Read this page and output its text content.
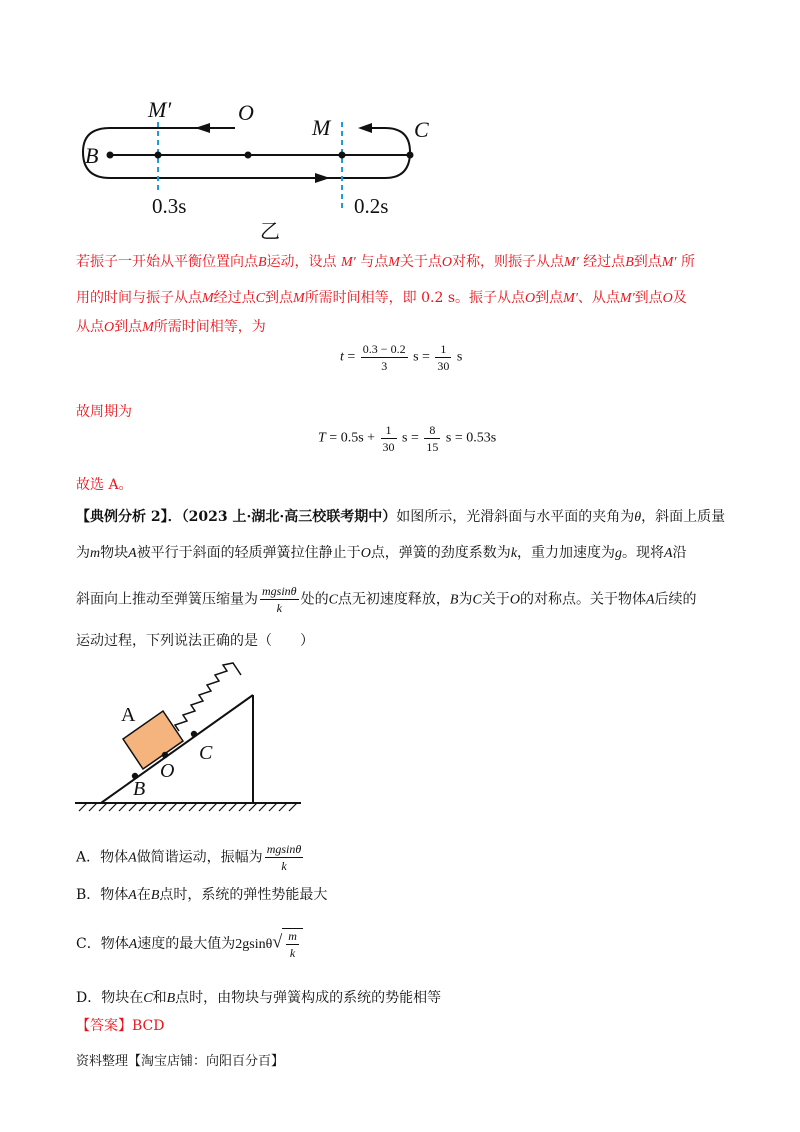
M′	O
B
M	C
0.3s	0.2s
乙
若振子一开始从平衡位置向点B运动，设点 M′ 与点M关于点O对称，则振子从点M′ 经过点B到点M′ 所
用的时间与振子从点M经过点C到点M所需时间相等，即 0.2 s。振子从点O到点M′、从点M′到点O及
从点O到点M所需时间相等，为
$t = \frac{0.3 - 0.2}{3}$ $s = \frac{1}{30}$ s
故周期为
$T = 0.5s + \frac{1}{30}$ $s = \frac{8}{15}$ s = 0.53s
故选 A。
【典例分析 2】．（2023 上·湖北·高三校联考期中）如图所示，光滑斜面与水平面的夹角为θ，斜面上质量
为m物块A被平行于斜面的轻质弹簧拉住静止于O点，弹簧的劲度系数为k，重力加速度为g。现将A沿
斜面向上推动至弹簧压缩量为 $\frac{mgsin\theta}{k}$ 处的C点无初速度释放，B为C关于O的对称点。关于物体A后续的
运动过程，下列说法正确的是（　　）
A
O
C
B
A．物体A做简谐运动，振幅为 $\frac{mgsin\theta}{k}$
B．物体A在B点时，系统的弹性势能最大
C．物体A速度的最大值为$2gsin\theta√ \frac{m}{k}$
D．物块在C和B点时，由物块与弹簧构成的系统的势能相等
【答案】BCD
资料整理【淘宝店铺：向阳百分百】
